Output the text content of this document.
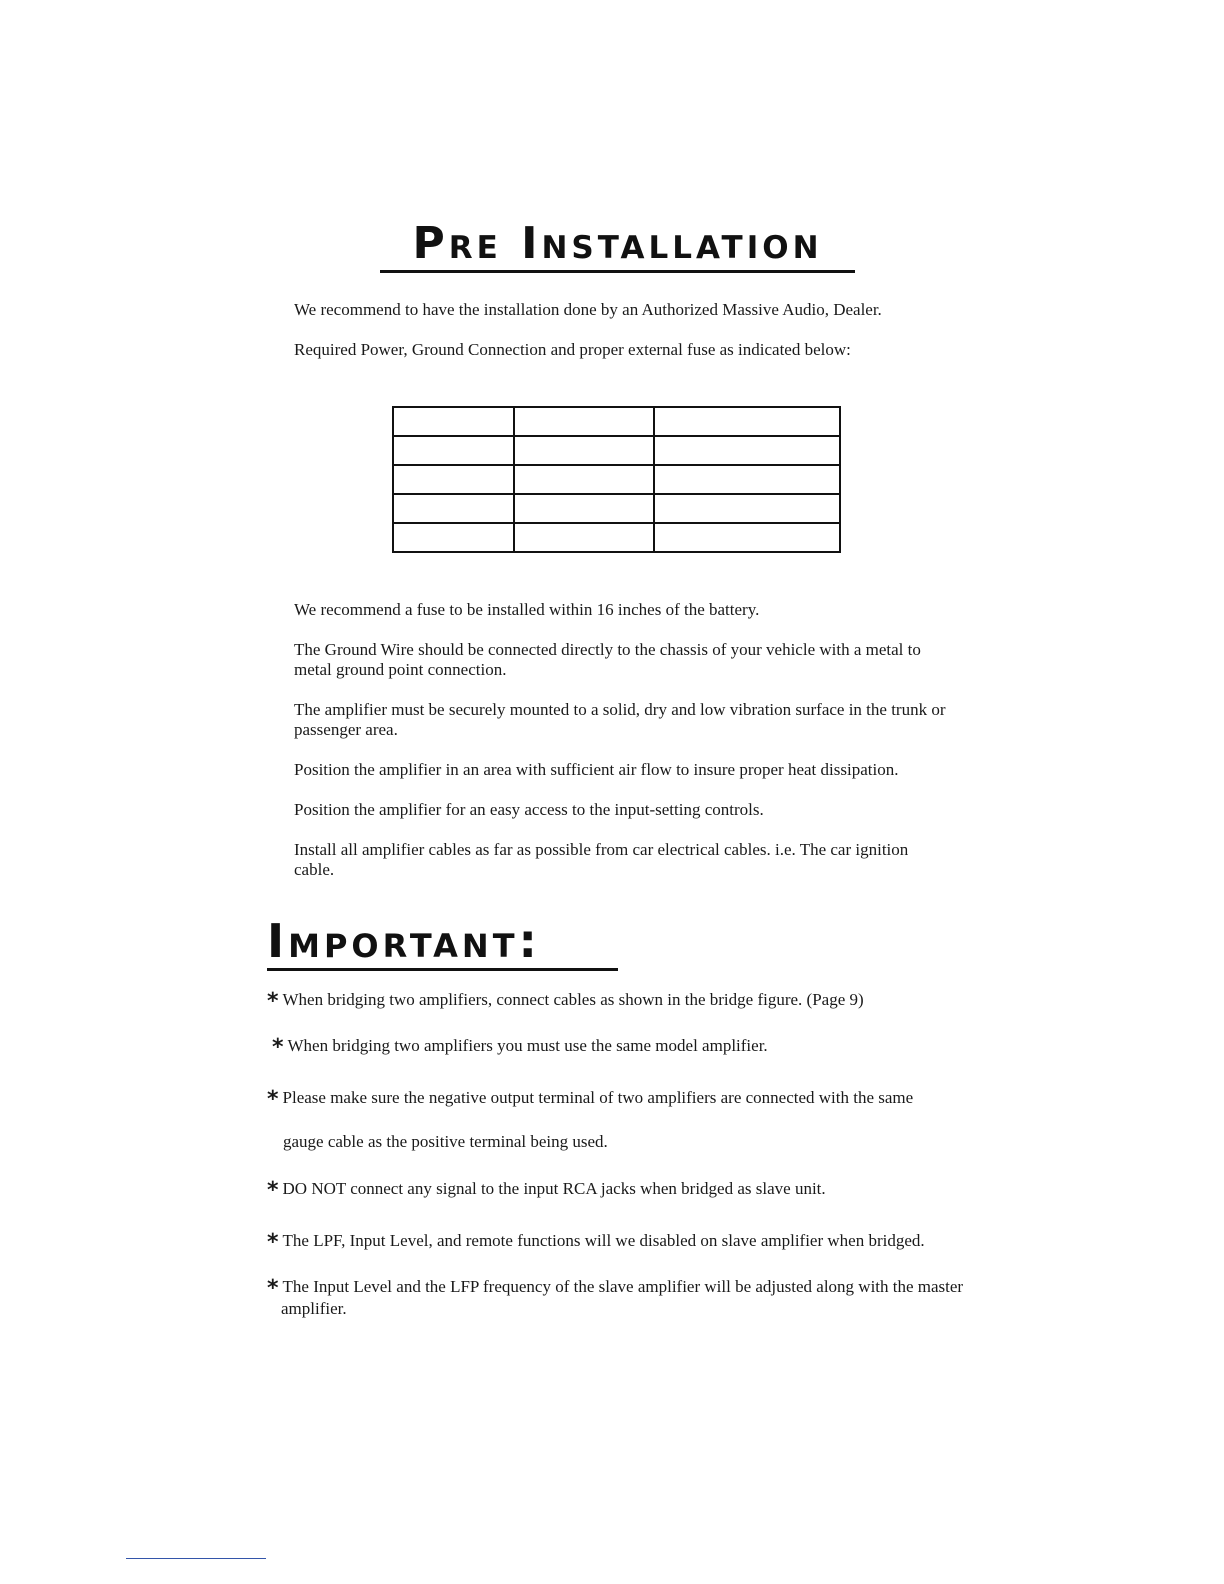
Pre Installation

We recommend to have the installation done by an Authorized Massive Audio, Dealer.

Required Power, Ground Connection and proper external fuse as indicated below:

We recommend a fuse to be installed within 16 inches of the battery.

The Ground Wire should be connected directly to the chassis of your vehicle with a metal to metal ground point connection.

The amplifier must be securely mounted to a solid, dry and low vibration surface in the trunk or passenger area.

Position the amplifier in an area with sufficient air flow to insure proper heat dissipation.

Position the amplifier for an easy access to the input-setting controls.

Install all amplifier cables as far as possible from car electrical cables. i.e. The car ignition cable.

Important:

* When bridging two amplifiers, connect cables as shown in the bridge figure. (Page 9)

* When bridging two amplifiers you must use the same model amplifier.

* Please make sure the negative output terminal of two amplifiers are connected with the same

gauge cable as the positive terminal being used.

* DO NOT connect any signal to the input RCA jacks when bridged as slave unit.

* The LPF, Input Level, and remote functions will we disabled on slave amplifier when bridged.

* The Input Level and the LFP frequency of the slave amplifier will be adjusted along with the master amplifier.
